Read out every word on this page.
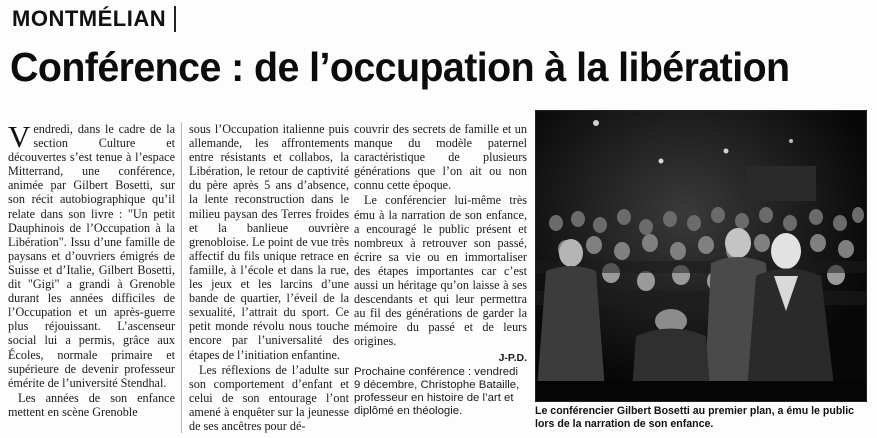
MONTMÉLIAN
Conférence : de l’occupation à la libération

Vendredi, dans le cadre de la section Culture et découvertes s’est tenue à l’espace Mitterrand, une conférence, animée par Gilbert Bosetti, sur son récit autobiographique qu’il relate dans son livre : "Un petit Dauphinois de l’Occupation à la Libération". Issu d’une famille de paysans et d’ouvriers émigrés de Suisse et d’Italie, Gilbert Bosetti, dit "Gigi" a grandi à Grenoble durant les années difficiles de l’Occupation et un après-guerre plus réjouissant. L’ascenseur social lui a permis, grâce aux Écoles, normale primaire et supérieure de devenir professeur émérite de l’université Stendhal.

Les années de son enfance mettent en scène Grenoble

sous l’Occupation italienne puis allemande, les affrontements entre résistants et collabos, la Libération, le retour de captivité du père après 5 ans d’absence, la lente reconstruction dans le milieu paysan des Terres froides et la banlieue ouvrière grenobloise. Le point de vue très affectif du fils unique retrace en famille, à l’école et dans la rue, les jeux et les larcins d’une bande de quartier, l’éveil de la sexualité, l’attrait du sport. Ce petit monde révolu nous touche encore par l’universalité des étapes de l’initiation enfantine.

Les réflexions de l’adulte sur son comportement d’enfant et celui de son entourage l’ont amené à enquêter sur la jeunesse de ses ancêtres pour dé-

couvrir des secrets de famille et un manque du modèle paternel caractéristique de plusieurs générations que l’on ait ou non connu cette époque.

Le conférencier lui-même très ému à la narration de son enfance, a encouragé le public présent et nombreux à retrouver son passé, écrire sa vie ou en immortaliser des étapes importantes car c’est aussi un héritage qu’on laisse à ses descendants et qui leur permettra au fil des générations de garder la mémoire du passé et de leurs origines.

J-P.D.
Prochaine conférence : vendredi 9 décembre, Christophe Bataille, professeur en histoire de l’art et diplômé en théologie.	Le conférencier Gilbert Bosetti au premier plan, a ému le public lors de la narration de son enfance.
